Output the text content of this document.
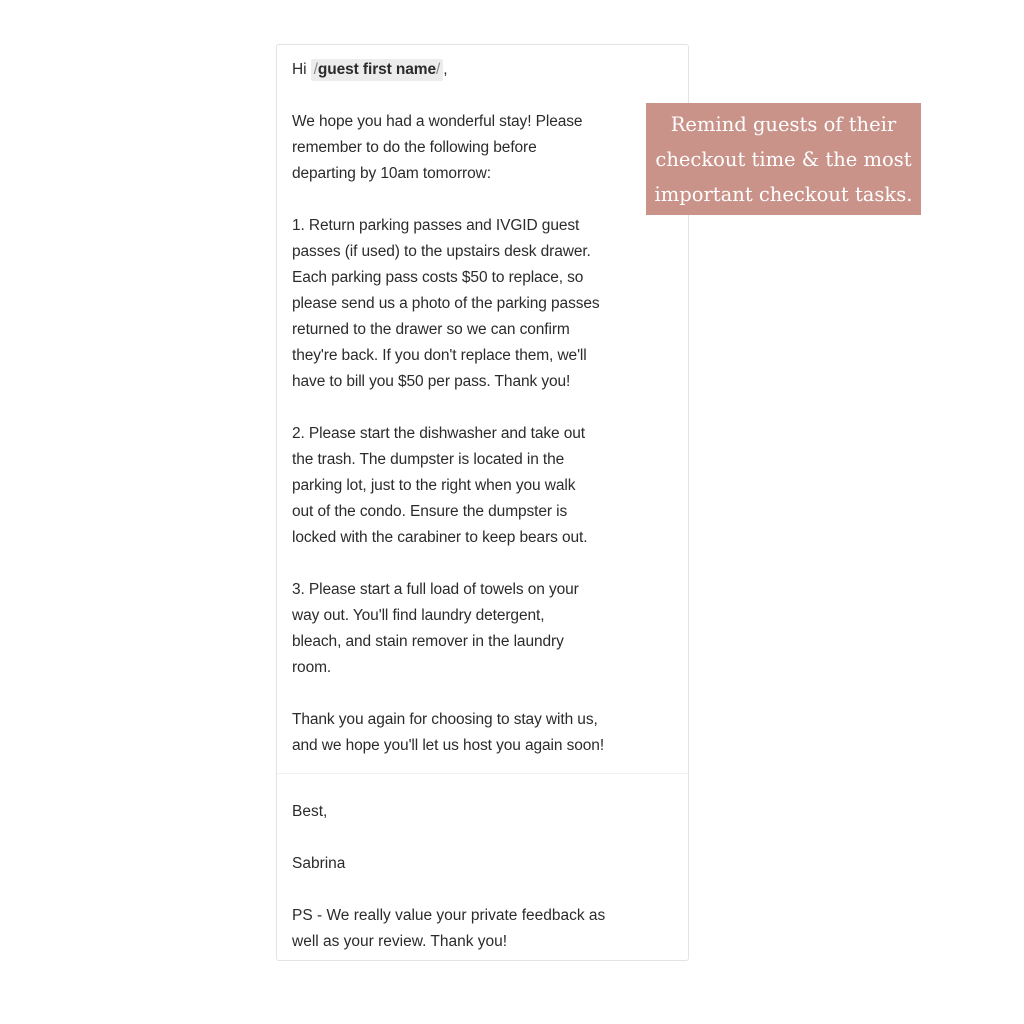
Hi /guest first name/ ,

We hope you had a wonderful stay! Please
remember to do the following before
departing by 10am tomorrow:

1. Return parking passes and IVGID guest
passes (if used) to the upstairs desk drawer.
Each parking pass costs $50 to replace, so
please send us a photo of the parking passes
returned to the drawer so we can confirm
they're back. If you don't replace them, we'll
have to bill you $50 per pass. Thank you!

2. Please start the dishwasher and take out
the trash. The dumpster is located in the
parking lot, just to the right when you walk
out of the condo. Ensure the dumpster is
locked with the carabiner to keep bears out.

3. Please start a full load of towels on your
way out. You'll find laundry detergent,
bleach, and stain remover in the laundry
room.

Thank you again for choosing to stay with us,
and we hope you'll let us host you again soon!

Best,

Sabrina

PS - We really value your private feedback as
well as your review. Thank you!

Remind guests of their
checkout time & the most
important checkout tasks.
